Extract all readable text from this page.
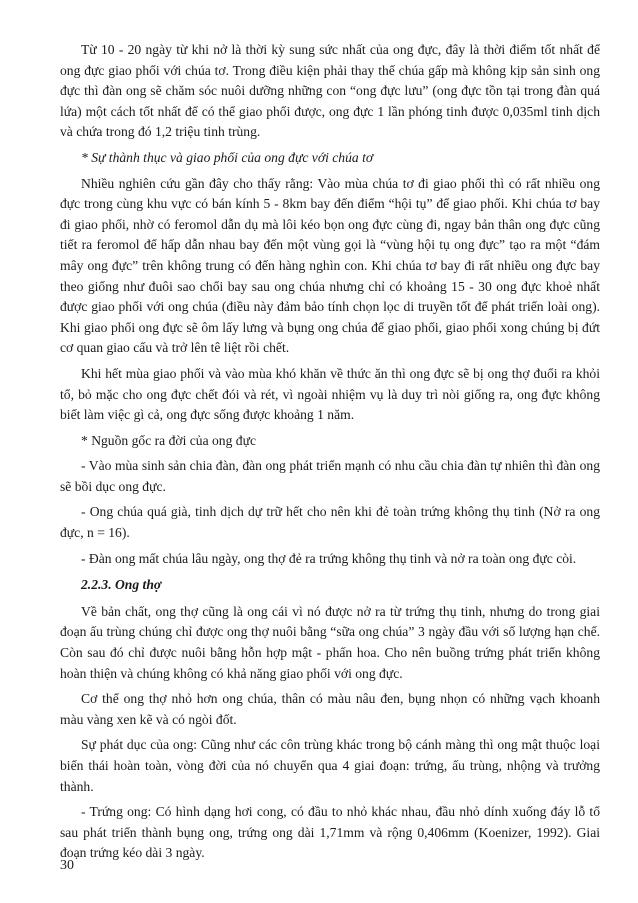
Từ 10 - 20 ngày từ khi nở là thời kỳ sung sức nhất của ong đực, đây là thời điểm tốt nhất để ong đực giao phối với chúa tơ. Trong điều kiện phải thay thế chúa gấp mà không kịp sản sinh ong đực thì đàn ong sẽ chăm sóc nuôi dưỡng những con “ong đực lưu” (ong đực tồn tại trong đàn quá lứa) một cách tốt nhất để có thể giao phối được, ong đực 1 lần phóng tinh được 0,035ml tinh dịch và chứa trong đó 1,2 triệu tinh trùng.

* Sự thành thục và giao phối của ong đực với chúa tơ

Nhiều nghiên cứu gần đây cho thấy rằng: Vào mùa chúa tơ đi giao phối thì có rất nhiều ong đực trong cùng khu vực có bán kính 5 - 8km bay đến điểm “hội tụ” để giao phối. Khi chúa tơ bay đi giao phối, nhờ có feromol dẫn dụ mà lôi kéo bọn ong đực cùng đi, ngay bản thân ong đực cũng tiết ra feromol để hấp dẫn nhau bay đến một vùng gọi là “vùng hội tụ ong đực” tạo ra một “đám mây ong đực” trên không trung có đến hàng nghìn con. Khi chúa tơ bay đi rất nhiều ong đực bay theo giống như đuôi sao chổi bay sau ong chúa nhưng chỉ có khoảng 15 - 30 ong đực khoẻ nhất được giao phối với ong chúa (điều này đảm bảo tính chọn lọc di truyền tốt để phát triển loài ong). Khi giao phối ong đực sẽ ôm lấy lưng và bụng ong chúa để giao phối, giao phối xong chúng bị đứt cơ quan giao cấu và trở lên tê liệt rồi chết.

Khi hết mùa giao phối và vào mùa khó khăn về thức ăn thì ong đực sẽ bị ong thợ đuổi ra khỏi tổ, bỏ mặc cho ong đực chết đói và rét, vì ngoài nhiệm vụ là duy trì nòi giống ra, ong đực không biết làm việc gì cả, ong đực sống được khoảng 1 năm.

* Nguồn gốc ra đời của ong đực

- Vào mùa sinh sản chia đàn, đàn ong phát triển mạnh có nhu cầu chia đàn tự nhiên thì đàn ong sẽ bồi dục ong đực.

- Ong chúa quá già, tinh dịch dự trữ hết cho nên khi đẻ toàn trứng không thụ tinh (Nở ra ong đực, n = 16).

- Đàn ong mất chúa lâu ngày, ong thợ đẻ ra trứng không thụ tinh và nở ra toàn ong đực còi.

2.2.3. Ong thợ

Về bản chất, ong thợ cũng là ong cái vì nó được nở ra từ trứng thụ tinh, nhưng do trong giai đoạn ấu trùng chúng chỉ được ong thợ nuôi bằng “sữa ong chúa” 3 ngày đầu với số lượng hạn chế. Còn sau đó chỉ được nuôi bằng hỗn hợp mật - phấn hoa. Cho nên buồng trứng phát triển không hoàn thiện và chúng không có khả năng giao phối với ong đực.

Cơ thể ong thợ nhỏ hơn ong chúa, thân có màu nâu đen, bụng nhọn có những vạch khoanh màu vàng xen kẽ và có ngòi đốt.

Sự phát dục của ong: Cũng như các côn trùng khác trong bộ cánh màng thì ong mật thuộc loại biến thái hoàn toàn, vòng đời của nó chuyển qua 4 giai đoạn: trứng, ấu trùng, nhộng và trưởng thành.

- Trứng ong: Có hình dạng hơi cong, có đầu to nhỏ khác nhau, đầu nhỏ dính xuống đáy lỗ tổ sau phát triển thành bụng ong, trứng ong dài 1,71mm và rộng 0,406mm (Koenizer, 1992). Giai đoạn trứng kéo dài 3 ngày.

30
